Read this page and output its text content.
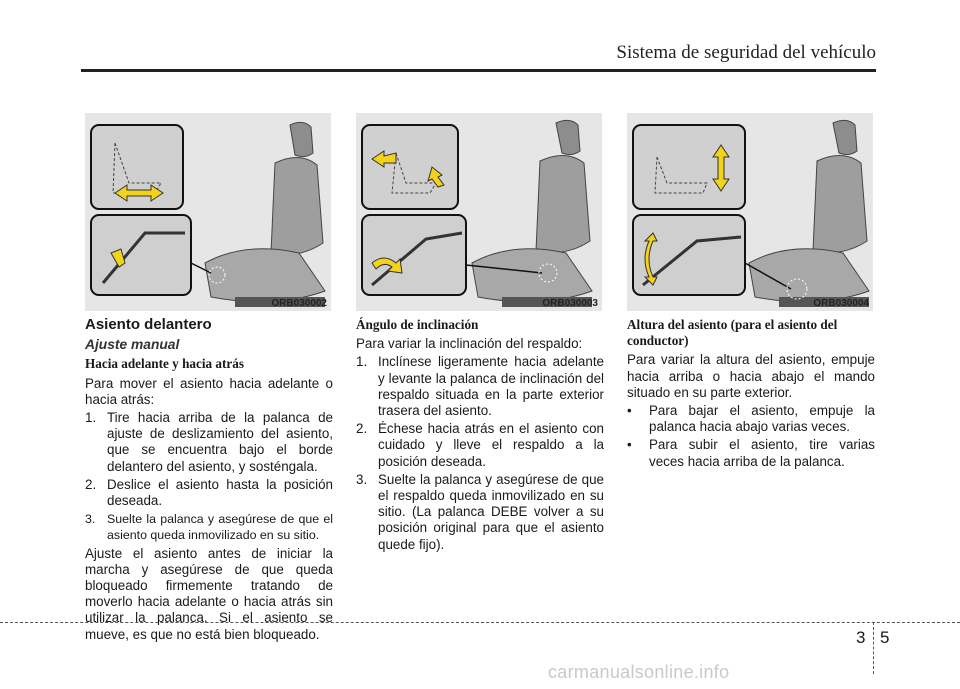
Sistema de seguridad del vehículo
ORB030002	ORB030003	ORB030004
Asiento delantero
Ajuste manual
Hacia adelante y hacia atrás

Para mover el asiento hacia adelante o hacia atrás:

1. Tire hacia arriba de la palanca de ajuste de deslizamiento del asiento, que se encuentra bajo el borde delantero del asiento, y sosténgala.
2. Deslice el asiento hasta la posición deseada.
3. Suelte la palanca y asegúrese de que el asiento queda inmovilizado en su sitio.

Ajuste el asiento antes de iniciar la marcha y asegúrese de que queda bloqueado firmemente tratando de moverlo hacia adelante o hacia atrás sin utilizar la palanca. Si el asiento se mueve, es que no está bien bloqueado.

Ángulo de inclinación

Para variar la inclinación del respaldo:

1. Inclínese ligeramente hacia adelante y levante la palanca de inclinación del respaldo situada en la parte exterior trasera del asiento.
2. Échese hacia atrás en el asiento con cuidado y lleve el respaldo a la posición deseada.
3. Suelte la palanca y asegúrese de que el respaldo queda inmovilizado en su sitio. (La palanca DEBE volver a su posición original para que el asiento quede fijo).
Altura del asiento (para el asiento del conductor)

Para variar la altura del asiento, empuje hacia arriba o hacia abajo el mando situado en su parte exterior.

• Para bajar el asiento, empuje la palanca hacia abajo varias veces.
• Para subir el asiento, tire varias veces hacia arriba de la palanca.
3 5
carmanualsonline.info
